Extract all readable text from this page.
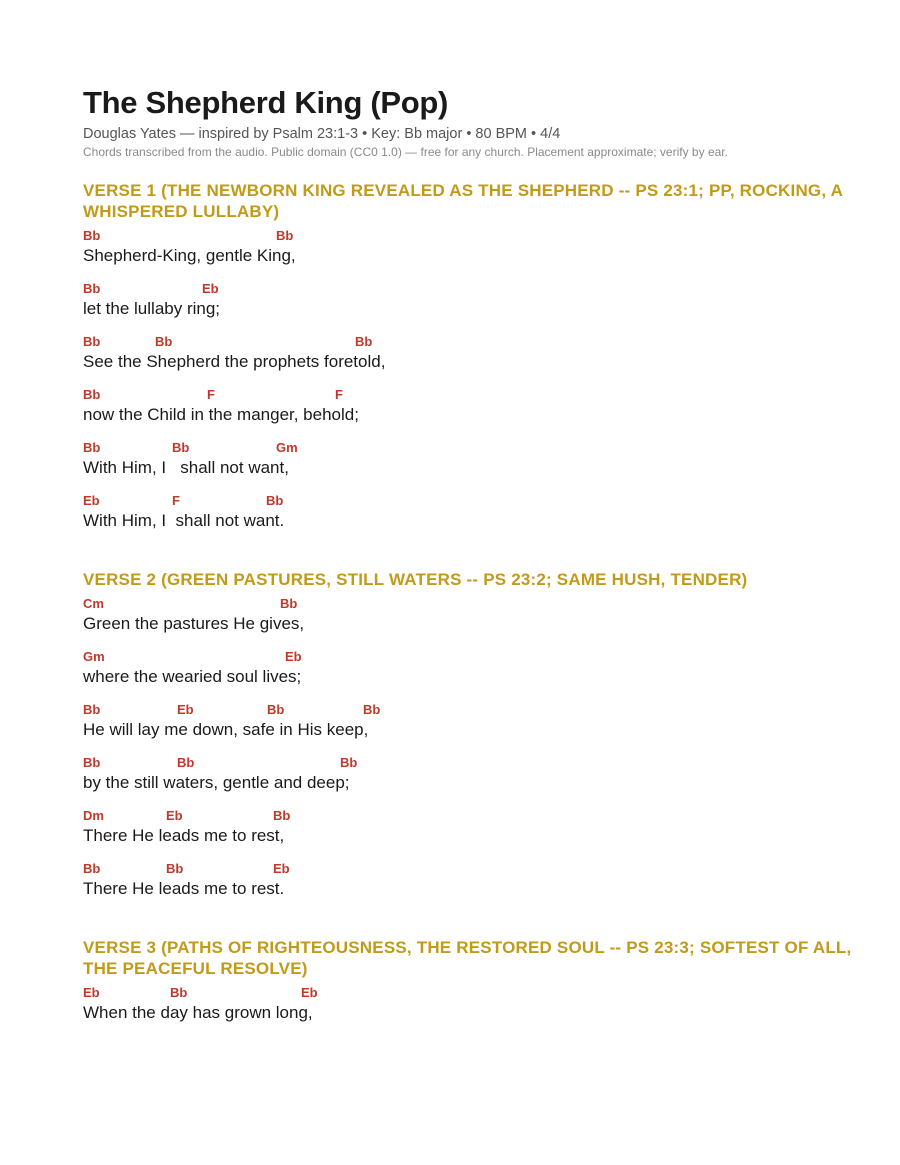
The Shepherd King (Pop)
Douglas Yates — inspired by Psalm 23:1-3 • Key: Bb major • 80 BPM • 4/4
Chords transcribed from the audio. Public domain (CC0 1.0) — free for any church. Placement approximate; verify by ear.
VERSE 1 (THE NEWBORN KING REVEALED AS THE SHEPHERD -- PS 23:1; PP, ROCKING, A WHISPERED LULLABY)
Bb	Bb
Shepherd-King, gentle King,
Bb	Eb
let the lullaby ring;
Bb	Bb	Bb
See the Shepherd the prophets foretold,
Bb	F	F
now the Child in the manger, behold;
Bb	Bb	Gm
With Him, I   shall not want,
Eb	F	Bb
With Him, I  shall not want.
VERSE 2 (GREEN PASTURES, STILL WATERS -- PS 23:2; SAME HUSH, TENDER)
Cm	Bb
Green the pastures He gives,
Gm	Eb
where the wearied soul lives;
Bb	Eb	Bb	Bb
He will lay me down, safe in His keep,
Bb	Bb	Bb
by the still waters, gentle and deep;
Dm	Eb	Bb
There He leads me to rest,
Bb	Bb	Eb
There He leads me to rest.
VERSE 3 (PATHS OF RIGHTEOUSNESS, THE RESTORED SOUL -- PS 23:3; SOFTEST OF ALL, THE PEACEFUL RESOLVE)
Eb	Bb	Eb
When the day has grown long,
